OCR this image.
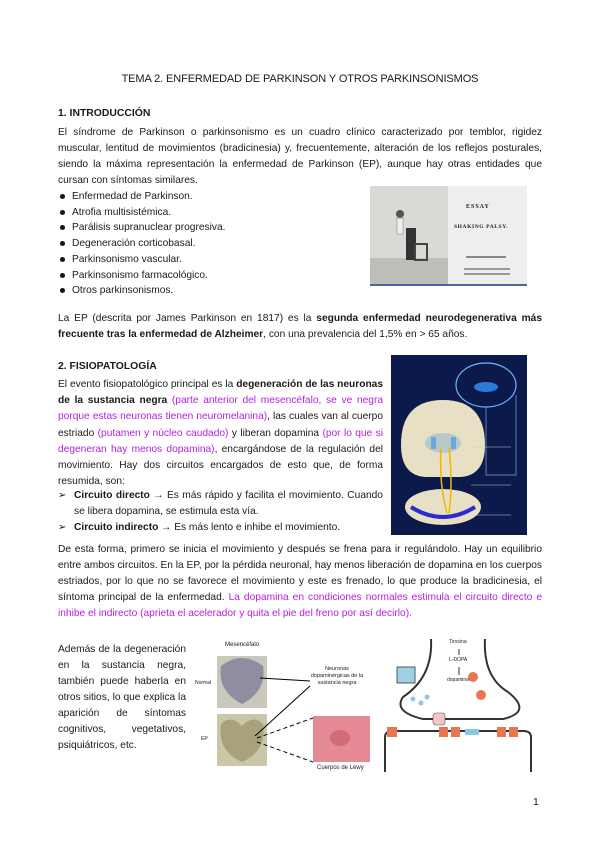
TEMA 2. ENFERMEDAD DE PARKINSON Y OTROS PARKINSONISMOS
1. INTRODUCCIÓN

El síndrome de Parkinson o parkinsonismo es un cuadro clínico caracterizado por temblor, rigidez muscular, lentitud de movimientos (bradicinesia) y, frecuentemente, alteración de los reflejos posturales, siendo la máxima representación la enfermedad de Parkinson (EP), aunque hay otras entidades que cursan con síntomas similares.

Enfermedad de Parkinson.
Atrofia multisistémica.
Parálisis supranuclear progresiva.
Degeneración corticobasal.
Parkinsonismo vascular.
Parkinsonismo farmacológico.
Otros parkinsonismos.
ESSAY
SHAKING PALSY.

La EP (descrita por James Parkinson en 1817) es la segunda enfermedad neurodegenerativa más frecuente tras la enfermedad de Alzheimer, con una prevalencia del 1,5% en > 65 años.

2. FISIOPATOLOGÍA

El evento fisiopatológico principal es la degeneración de las neuronas de la sustancia negra (parte anterior del mesencéfalo, se ve negra porque estas neuronas tienen neuromelanina), las cuales van al cuerpo estriado (putamen y núcleo caudado) y liberan dopamina (por lo que si degeneran hay menos dopamina), encargándose de la regulación del movimiento. Hay dos circuitos encargados de esto que, de forma resumida, son:

➢ Circuito directo → Es más rápido y facilita el movimiento. Cuando se libera dopamina, se estimula esta vía.
➢ Circuito indirecto → Es más lento e inhibe el movimiento.

De esta forma, primero se inicia el movimiento y después se frena para ir regulándolo. Hay un equilibrio entre ambos circuitos. En la EP, por la pérdida neuronal, hay menos liberación de dopamina en los cuerpos estriados, por lo que no se favorece el movimiento y este es frenado, lo que produce la bradicinesia, el síntoma principal de la enfermedad. La dopamina en condiciones normales estimula el circuito directo e inhibe el indirecto (aprieta el acelerador y quita el pie del freno por así decirlo).

Además de la degeneración en la sustancia negra, también puede haberla en otros sitios, lo que explica la aparición de síntomas cognitivos, vegetativos, psiquiátricos, etc.

Mesencéfalo
Normal
EP
Neuronas dopaminérgicas de la sustancia negra
Cuerpos de Lewy
Tirosina
L-DOPA
dopamina
1
